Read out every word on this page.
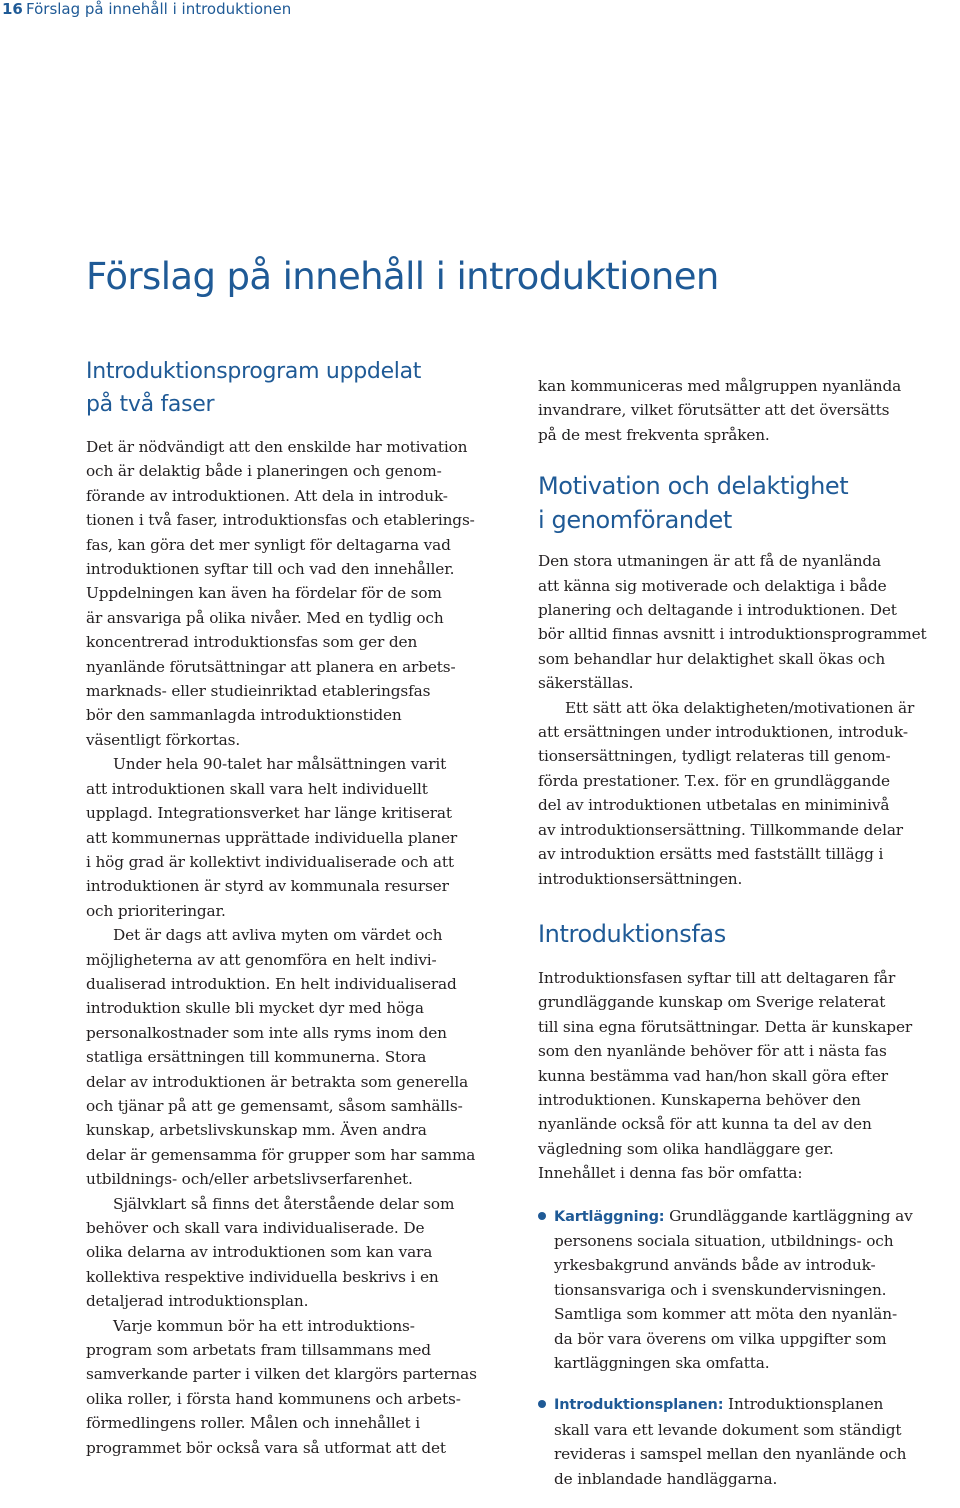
16 Förslag på innehåll i introduktionen
Förslag på innehåll i introduktionen
Introduktionsprogram uppdelat
på två faser

Det är nödvändigt att den enskilde har motivation
och är delaktig både i planeringen och genom-
förande av introduktionen. Att dela in introduk-
tionen i två faser, introduktionsfas och etablerings-
fas, kan göra det mer synligt för deltagarna vad
introduktionen syftar till och vad den innehåller.
Uppdelningen kan även ha fördelar för de som
är ansvariga på olika nivåer. Med en tydlig och
koncentrerad introduktionsfas som ger den
nyanlände förutsättningar att planera en arbets-
marknads- eller studieinriktad etableringsfas
bör den sammanlagda introduktionstiden
väsentligt förkortas.

Under hela 90-talet har målsättningen varit
att introduktionen skall vara helt individuellt
upplagd. Integrationsverket har länge kritiserat
att kommunernas upprättade individuella planer
i hög grad är kollektivt individualiserade och att
introduktionen är styrd av kommunala resurser
och prioriteringar.

Det är dags att avliva myten om värdet och
möjligheterna av att genomföra en helt indivi-
dualiserad introduktion. En helt individualiserad
introduktion skulle bli mycket dyr med höga
personalkostnader som inte alls ryms inom den
statliga ersättningen till kommunerna. Stora
delar av introduktionen är betrakta som generella
och tjänar på att ge gemensamt, såsom samhälls-
kunskap, arbetslivskunskap mm. Även andra
delar är gemensamma för grupper som har samma
utbildnings- och/eller arbetslivserfarenhet.

Självklart så finns det återstående delar som
behöver och skall vara individualiserade. De
olika delarna av introduktionen som kan vara
kollektiva respektive individuella beskrivs i en
detaljerad introduktionsplan.

Varje kommun bör ha ett introduktions-
program som arbetats fram tillsammans med
samverkande parter i vilken det klargörs parternas
olika roller, i första hand kommunens och arbets-
förmedlingens roller. Målen och innehållet i
programmet bör också vara så utformat att det

kan kommuniceras med målgruppen nyanlända
invandrare, vilket förutsätter att det översätts
på de mest frekventa språken.

Motivation och delaktighet
i genomförandet

Den stora utmaningen är att få de nyanlända
att känna sig motiverade och delaktiga i både
planering och deltagande i introduktionen. Det
bör alltid finnas avsnitt i introduktionsprogrammet
som behandlar hur delaktighet skall ökas och
säkerställas.

Ett sätt att öka delaktigheten/motivationen är
att ersättningen under introduktionen, introduk-
tionsersättningen, tydligt relateras till genom-
förda prestationer. T.ex. för en grundläggande
del av introduktionen utbetalas en miniminivå
av introduktionsersättning. Tillkommande delar
av introduktion ersätts med fastställt tillägg i
introduktionsersättningen.

Introduktionsfas

Introduktionsfasen syftar till att deltagaren får
grundläggande kunskap om Sverige relaterat
till sina egna förutsättningar. Detta är kunskaper
som den nyanlände behöver för att i nästa fas
kunna bestämma vad han/hon skall göra efter
introduktionen. Kunskaperna behöver den
nyanlände också för att kunna ta del av den
vägledning som olika handläggare ger.
Innehållet i denna fas bör omfatta:

Kartläggning: Grundläggande kartläggning av
personens sociala situation, utbildnings- och
yrkesbakgrund används både av introduk-
tionsansvariga och i svenskundervisningen.
Samtliga som kommer att möta den nyanlän-
da bör vara överens om vilka uppgifter som
kartläggningen ska omfatta.

Introduktionsplanen: Introduktionsplanen
skall vara ett levande dokument som ständigt
revideras i samspel mellan den nyanlände och
de inblandade handläggarna.
